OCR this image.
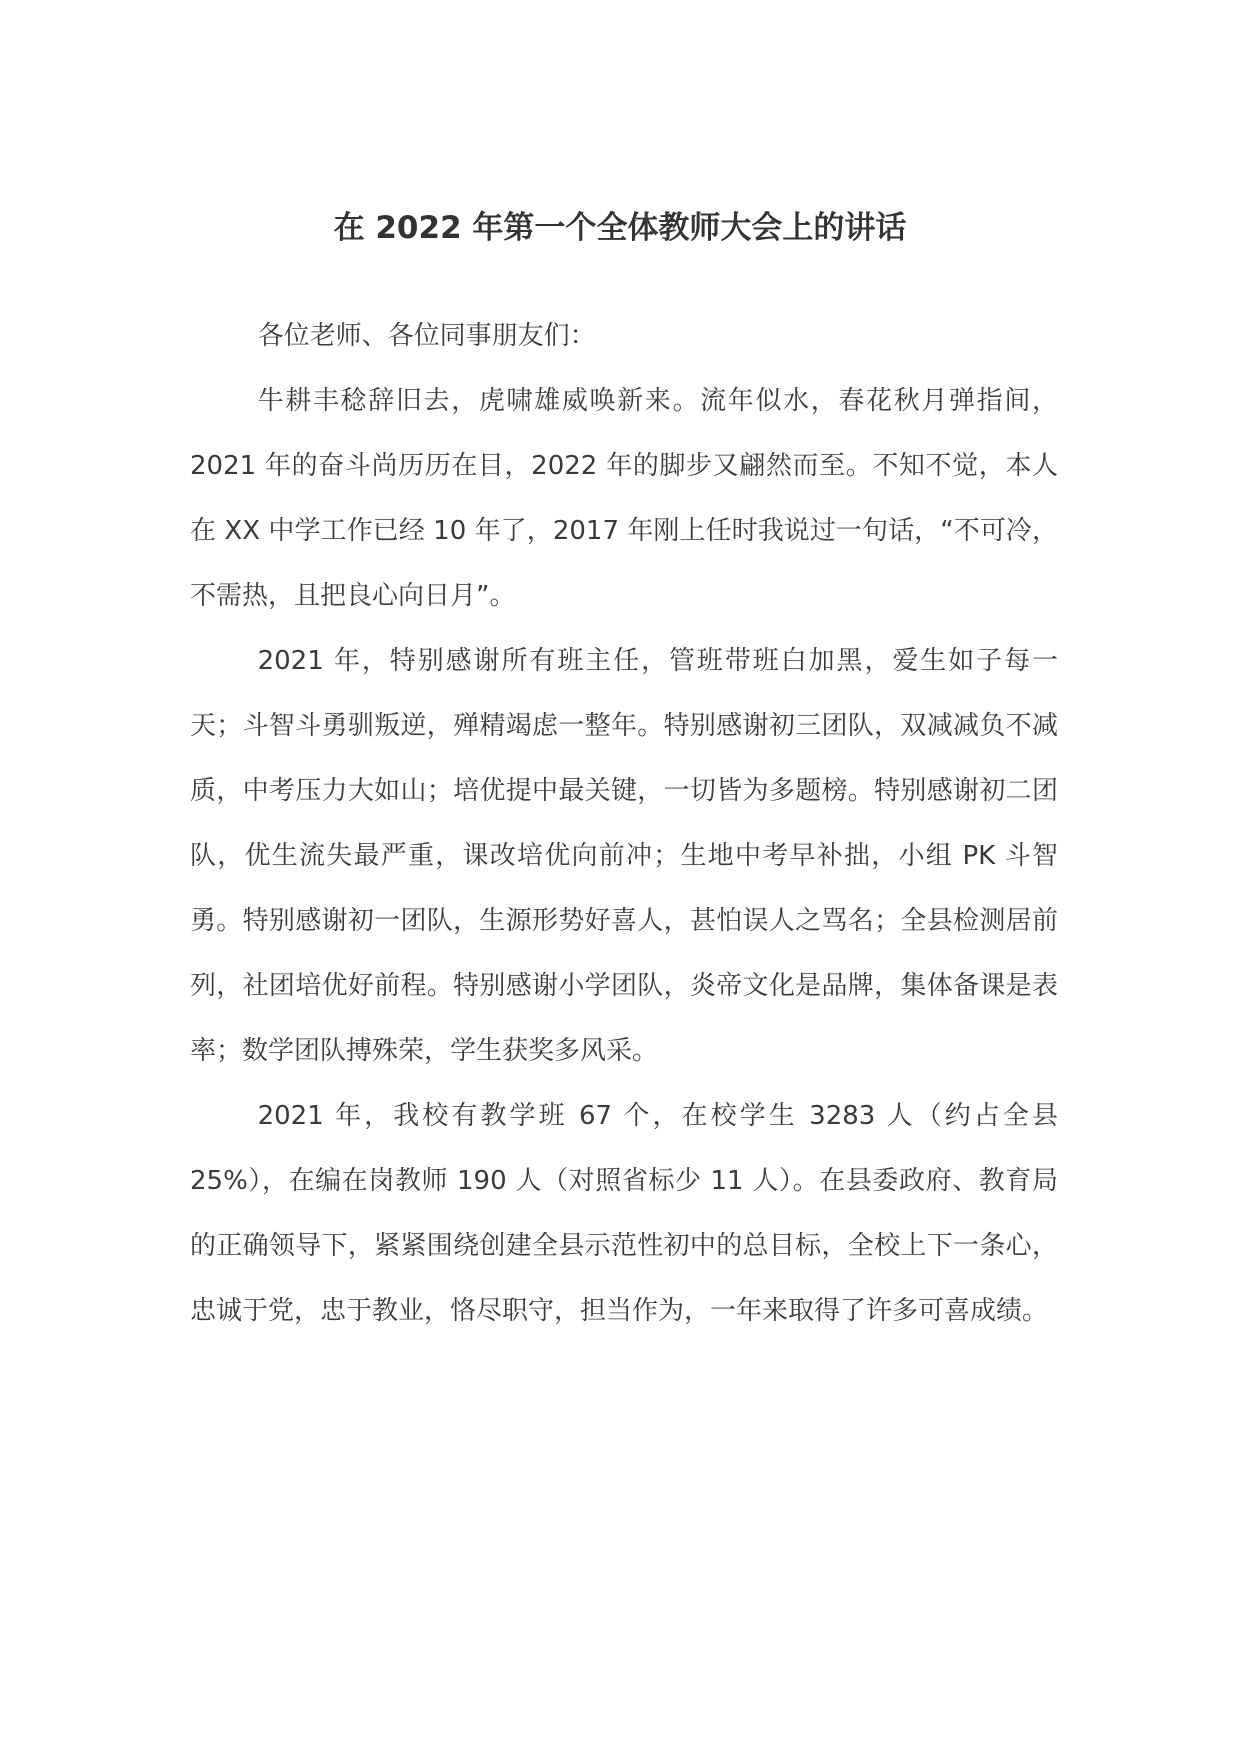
在 2022 年第一个全体教师大会上的讲话

各位老师、各位同事朋友们：

牛耕丰稔辞旧去，虎啸雄威唤新来。流年似水，春花秋月弹指间，2021 年的奋斗尚历历在目，2022 年的脚步又翩然而至。不知不觉，本人在 XX 中学工作已经 10 年了，2017 年刚上任时我说过一句话，“不可冷，不需热，且把良心向日月”。

2021 年，特别感谢所有班主任，管班带班白加黑，爱生如子每一天；斗智斗勇驯叛逆，殚精竭虑一整年。特别感谢初三团队，双减减负不减质，中考压力大如山；培优提中最关键，一切皆为多题榜。特别感谢初二团队，优生流失最严重，课改培优向前冲；生地中考早补拙，小组 PK 斗智勇。特别感谢初一团队，生源形势好喜人，甚怕误人之骂名；全县检测居前列，社团培优好前程。特别感谢小学团队，炎帝文化是品牌，集体备课是表率；数学团队搏殊荣，学生获奖多风采。

2021 年，我校有教学班 67 个，在校学生 3283 人（约占全县 25%），在编在岗教师 190 人（对照省标少 11 人）。在县委政府、教育局的正确领导下，紧紧围绕创建全县示范性初中的总目标，全校上下一条心，忠诚于党，忠于教业，恪尽职守，担当作为，一年来取得了许多可喜成绩。
